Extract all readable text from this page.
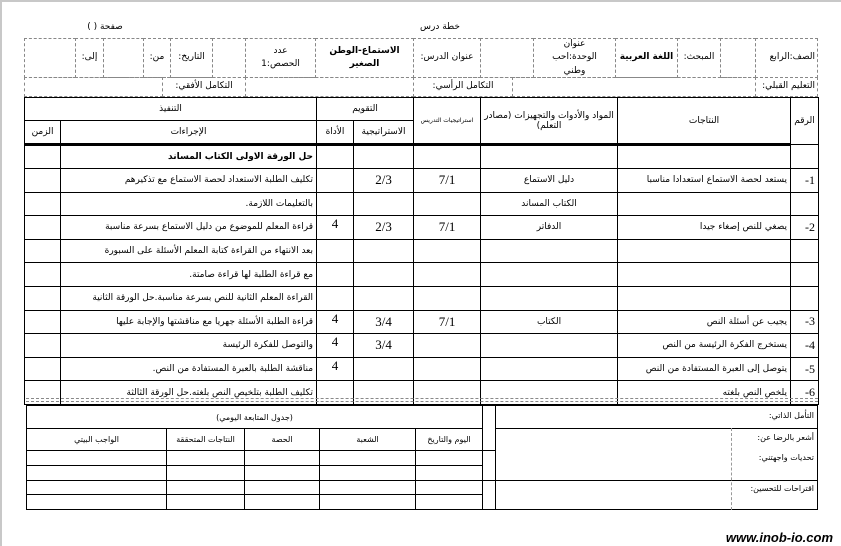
خطة درس
صفحة ( )
الصف:الرابع
المبحث:
اللغة العربية
عنوان الوحدة:احب وطني
عنوان الدرس:
الاستماع-الوطن الصغير
عدد الحصص:1
التاريخ:
من:
إلى:
التعليم القبلي:
التكامل الرأسي:
التكامل الأفقي:
الرقم	النتاجات	المواد والأدوات والتجهيزات (مصادر التعلم)	استراتيجيات التدريس	التقويم		التنفيذ	
				الاستراتيجية	الأداة	الإجراءات	الزمن
						حل الورقة الاولى الكتاب المساند	
1-	يستعد لحصة الاستماع استعدادا مناسبا	دليل الاستماع	7/1	2/3		تكليف الطلبة الاستعداد لحصة الاستماع مع تذكيرهم	
		الكتاب المساند				بالتعليمات اللازمة.	
2-	يصغي للنص إصغاء جيدا	الدفاتر	7/1	2/3	4	قراءة المعلم للموضوع من دليل الاستماع بسرعة مناسبة	
						بعد الانتهاء من القراءة كتابة المعلم الأسئلة على السبورة	
						مع قراءة الطلبة لها قراءة صامتة.	
						القراءة المعلم الثانية للنص بسرعة مناسبة.حل الورقة الثانية	
3-	يجيب عن أسئلة النص	الكتاب	7/1	3/4	4	قراءة الطلبة الأسئلة جهريا مع مناقشتها والإجابة عليها	
4-	يستخرج الفكرة الرئيسة من النص			3/4	4	والتوصل للفكرة الرئيسة	
5-	يتوصل إلى العبرة المستفادة من النص				4	مناقشة الطلبة بالعبرة المستفادة من النص.	
6-	يلخص النص بلغته					تكليف الطلبة بتلخيص النص بلغته.حل الورقة الثالثة	
التأمل الذاتي:
أشعر بالرضا عن:
تحديات واجهتني:
اقتراحات للتحسين:
(جدول المتابعة اليومي)				
اليوم والتاريخ	الشعبة	الحصة	النتاجات المتحققة	الواجب البيتي

www.inob-io.com
